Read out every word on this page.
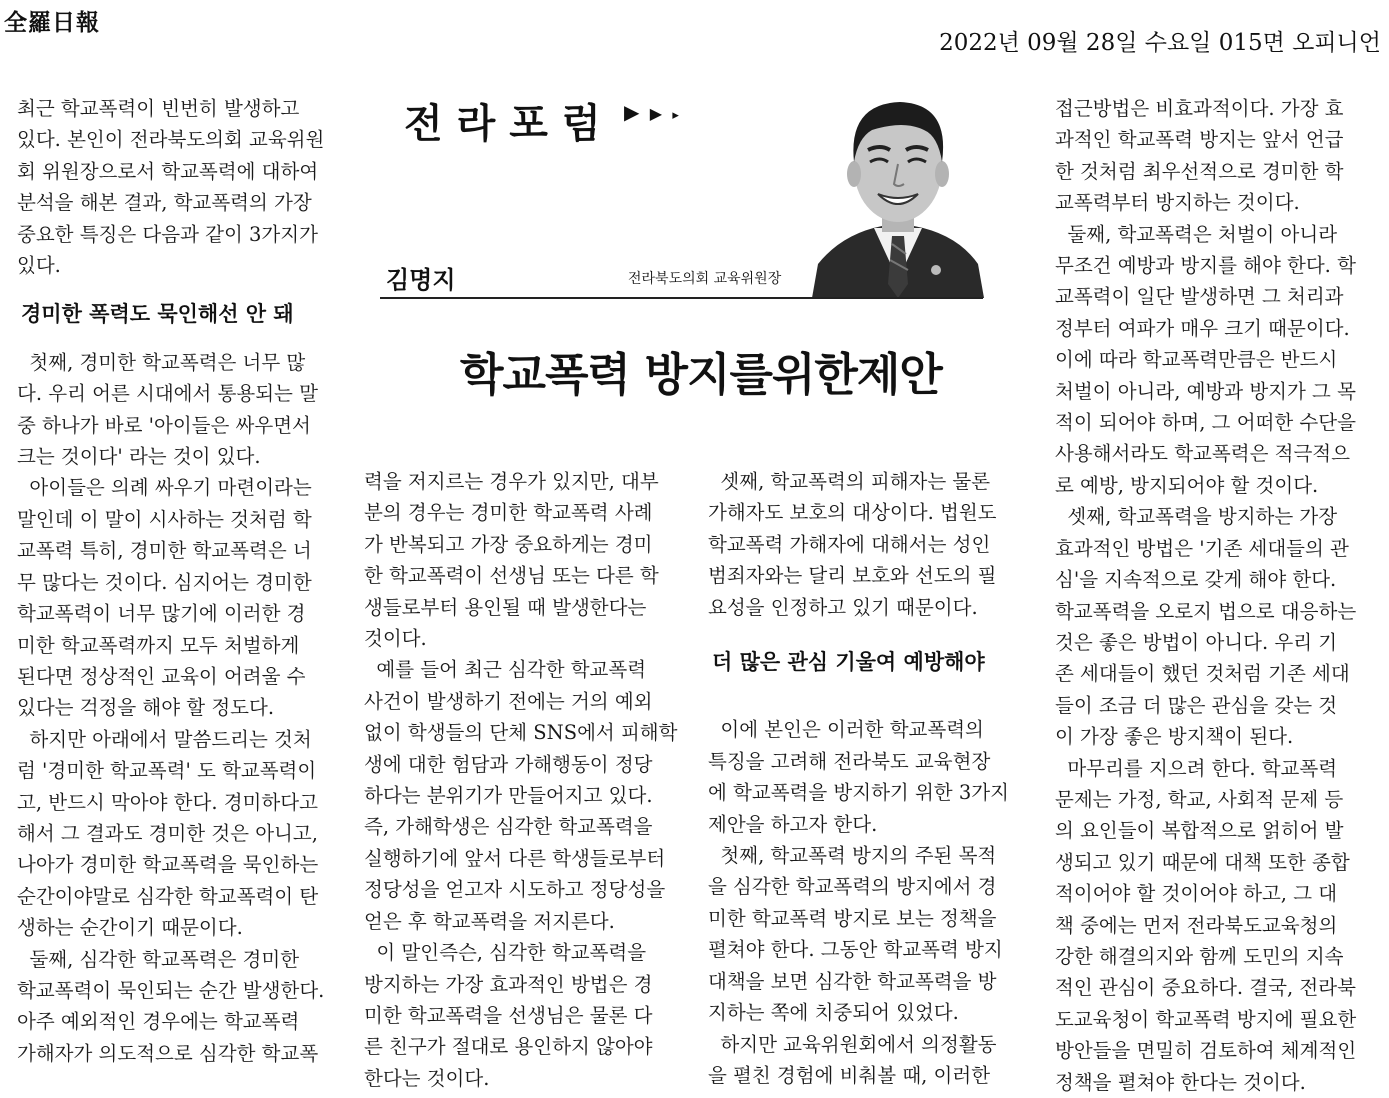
全羅日報
2022년 09월 28일 수요일 015면 오피니언

최근 학교폭력이 빈번히 발생하고

있다. 본인이 전라북도의회 교육위원

회 위원장으로서 학교폭력에 대하여

분석을 해본 결과, 학교폭력의 가장

중요한 특징은 다음과 같이 3가지가

있다.

경미한 폭력도 묵인해선 안 돼

첫째, 경미한 학교폭력은 너무 많

다. 우리 어른 시대에서 통용되는 말

중 하나가 바로 '아이들은 싸우면서

크는 것이다' 라는 것이 있다.

아이들은 의례 싸우기 마련이라는

말인데 이 말이 시사하는 것처럼 학

교폭력 특히, 경미한 학교폭력은 너

무 많다는 것이다. 심지어는 경미한

학교폭력이 너무 많기에 이러한 경

미한 학교폭력까지 모두 처벌하게

된다면 정상적인 교육이 어려울 수

있다는 걱정을 해야 할 정도다.

하지만 아래에서 말씀드리는 것처

럼 '경미한 학교폭력' 도 학교폭력이

고, 반드시 막아야 한다. 경미하다고

해서 그 결과도 경미한 것은 아니고,

나아가 경미한 학교폭력을 묵인하는

순간이야말로 심각한 학교폭력이 탄

생하는 순간이기 때문이다.

둘째, 심각한 학교폭력은 경미한

학교폭력이 묵인되는 순간 발생한다.

아주 예외적인 경우에는 학교폭력

가해자가 의도적으로 심각한 학교폭

전라포럼 ▶ ▶ ▸
김명지	전라북도의회 교육위원장
학교폭력 방지를위한제안

력을 저지르는 경우가 있지만, 대부

분의 경우는 경미한 학교폭력 사례

가 반복되고 가장 중요하게는 경미

한 학교폭력이 선생님 또는 다른 학

생들로부터 용인될 때 발생한다는

것이다.

예를 들어 최근 심각한 학교폭력

사건이 발생하기 전에는 거의 예외

없이 학생들의 단체 SNS에서 피해학

생에 대한 험담과 가해행동이 정당

하다는 분위기가 만들어지고 있다.

즉, 가해학생은 심각한 학교폭력을

실행하기에 앞서 다른 학생들로부터

정당성을 얻고자 시도하고 정당성을

얻은 후 학교폭력을 저지른다.

이 말인즉슨, 심각한 학교폭력을

방지하는 가장 효과적인 방법은 경

미한 학교폭력을 선생님은 물론 다

른 친구가 절대로 용인하지 않아야

한다는 것이다.

셋째, 학교폭력의 피해자는 물론

가해자도 보호의 대상이다. 법원도

학교폭력 가해자에 대해서는 성인

범죄자와는 달리 보호와 선도의 필

요성을 인정하고 있기 때문이다.

더 많은 관심 기울여 예방해야

이에 본인은 이러한 학교폭력의

특징을 고려해 전라북도 교육현장

에 학교폭력을 방지하기 위한 3가지

제안을 하고자 한다.

첫째, 학교폭력 방지의 주된 목적

을 심각한 학교폭력의 방지에서 경

미한 학교폭력 방지로 보는 정책을

펼쳐야 한다. 그동안 학교폭력 방지

대책을 보면 심각한 학교폭력을 방

지하는 쪽에 치중되어 있었다.

하지만 교육위원회에서 의정활동

을 펼친 경험에 비춰볼 때, 이러한

접근방법은 비효과적이다. 가장 효

과적인 학교폭력 방지는 앞서 언급

한 것처럼 최우선적으로 경미한 학

교폭력부터 방지하는 것이다.

둘째, 학교폭력은 처벌이 아니라

무조건 예방과 방지를 해야 한다. 학

교폭력이 일단 발생하면 그 처리과

정부터 여파가 매우 크기 때문이다.

이에 따라 학교폭력만큼은 반드시

처벌이 아니라, 예방과 방지가 그 목

적이 되어야 하며, 그 어떠한 수단을

사용해서라도 학교폭력은 적극적으

로 예방, 방지되어야 할 것이다.

셋째, 학교폭력을 방지하는 가장

효과적인 방법은 '기존 세대들의 관

심'을 지속적으로 갖게 해야 한다.

학교폭력을 오로지 법으로 대응하는

것은 좋은 방법이 아니다. 우리 기

존 세대들이 했던 것처럼 기존 세대

들이 조금 더 많은 관심을 갖는 것

이 가장 좋은 방지책이 된다.

마무리를 지으려 한다. 학교폭력

문제는 가정, 학교, 사회적 문제 등

의 요인들이 복합적으로 얽히어 발

생되고 있기 때문에 대책 또한 종합

적이어야 할 것이어야 하고, 그 대

책 중에는 먼저 전라북도교육청의

강한 해결의지와 함께 도민의 지속

적인 관심이 중요하다. 결국, 전라북

도교육청이 학교폭력 방지에 필요한

방안들을 면밀히 검토하여 체계적인

정책을 펼쳐야 한다는 것이다.
